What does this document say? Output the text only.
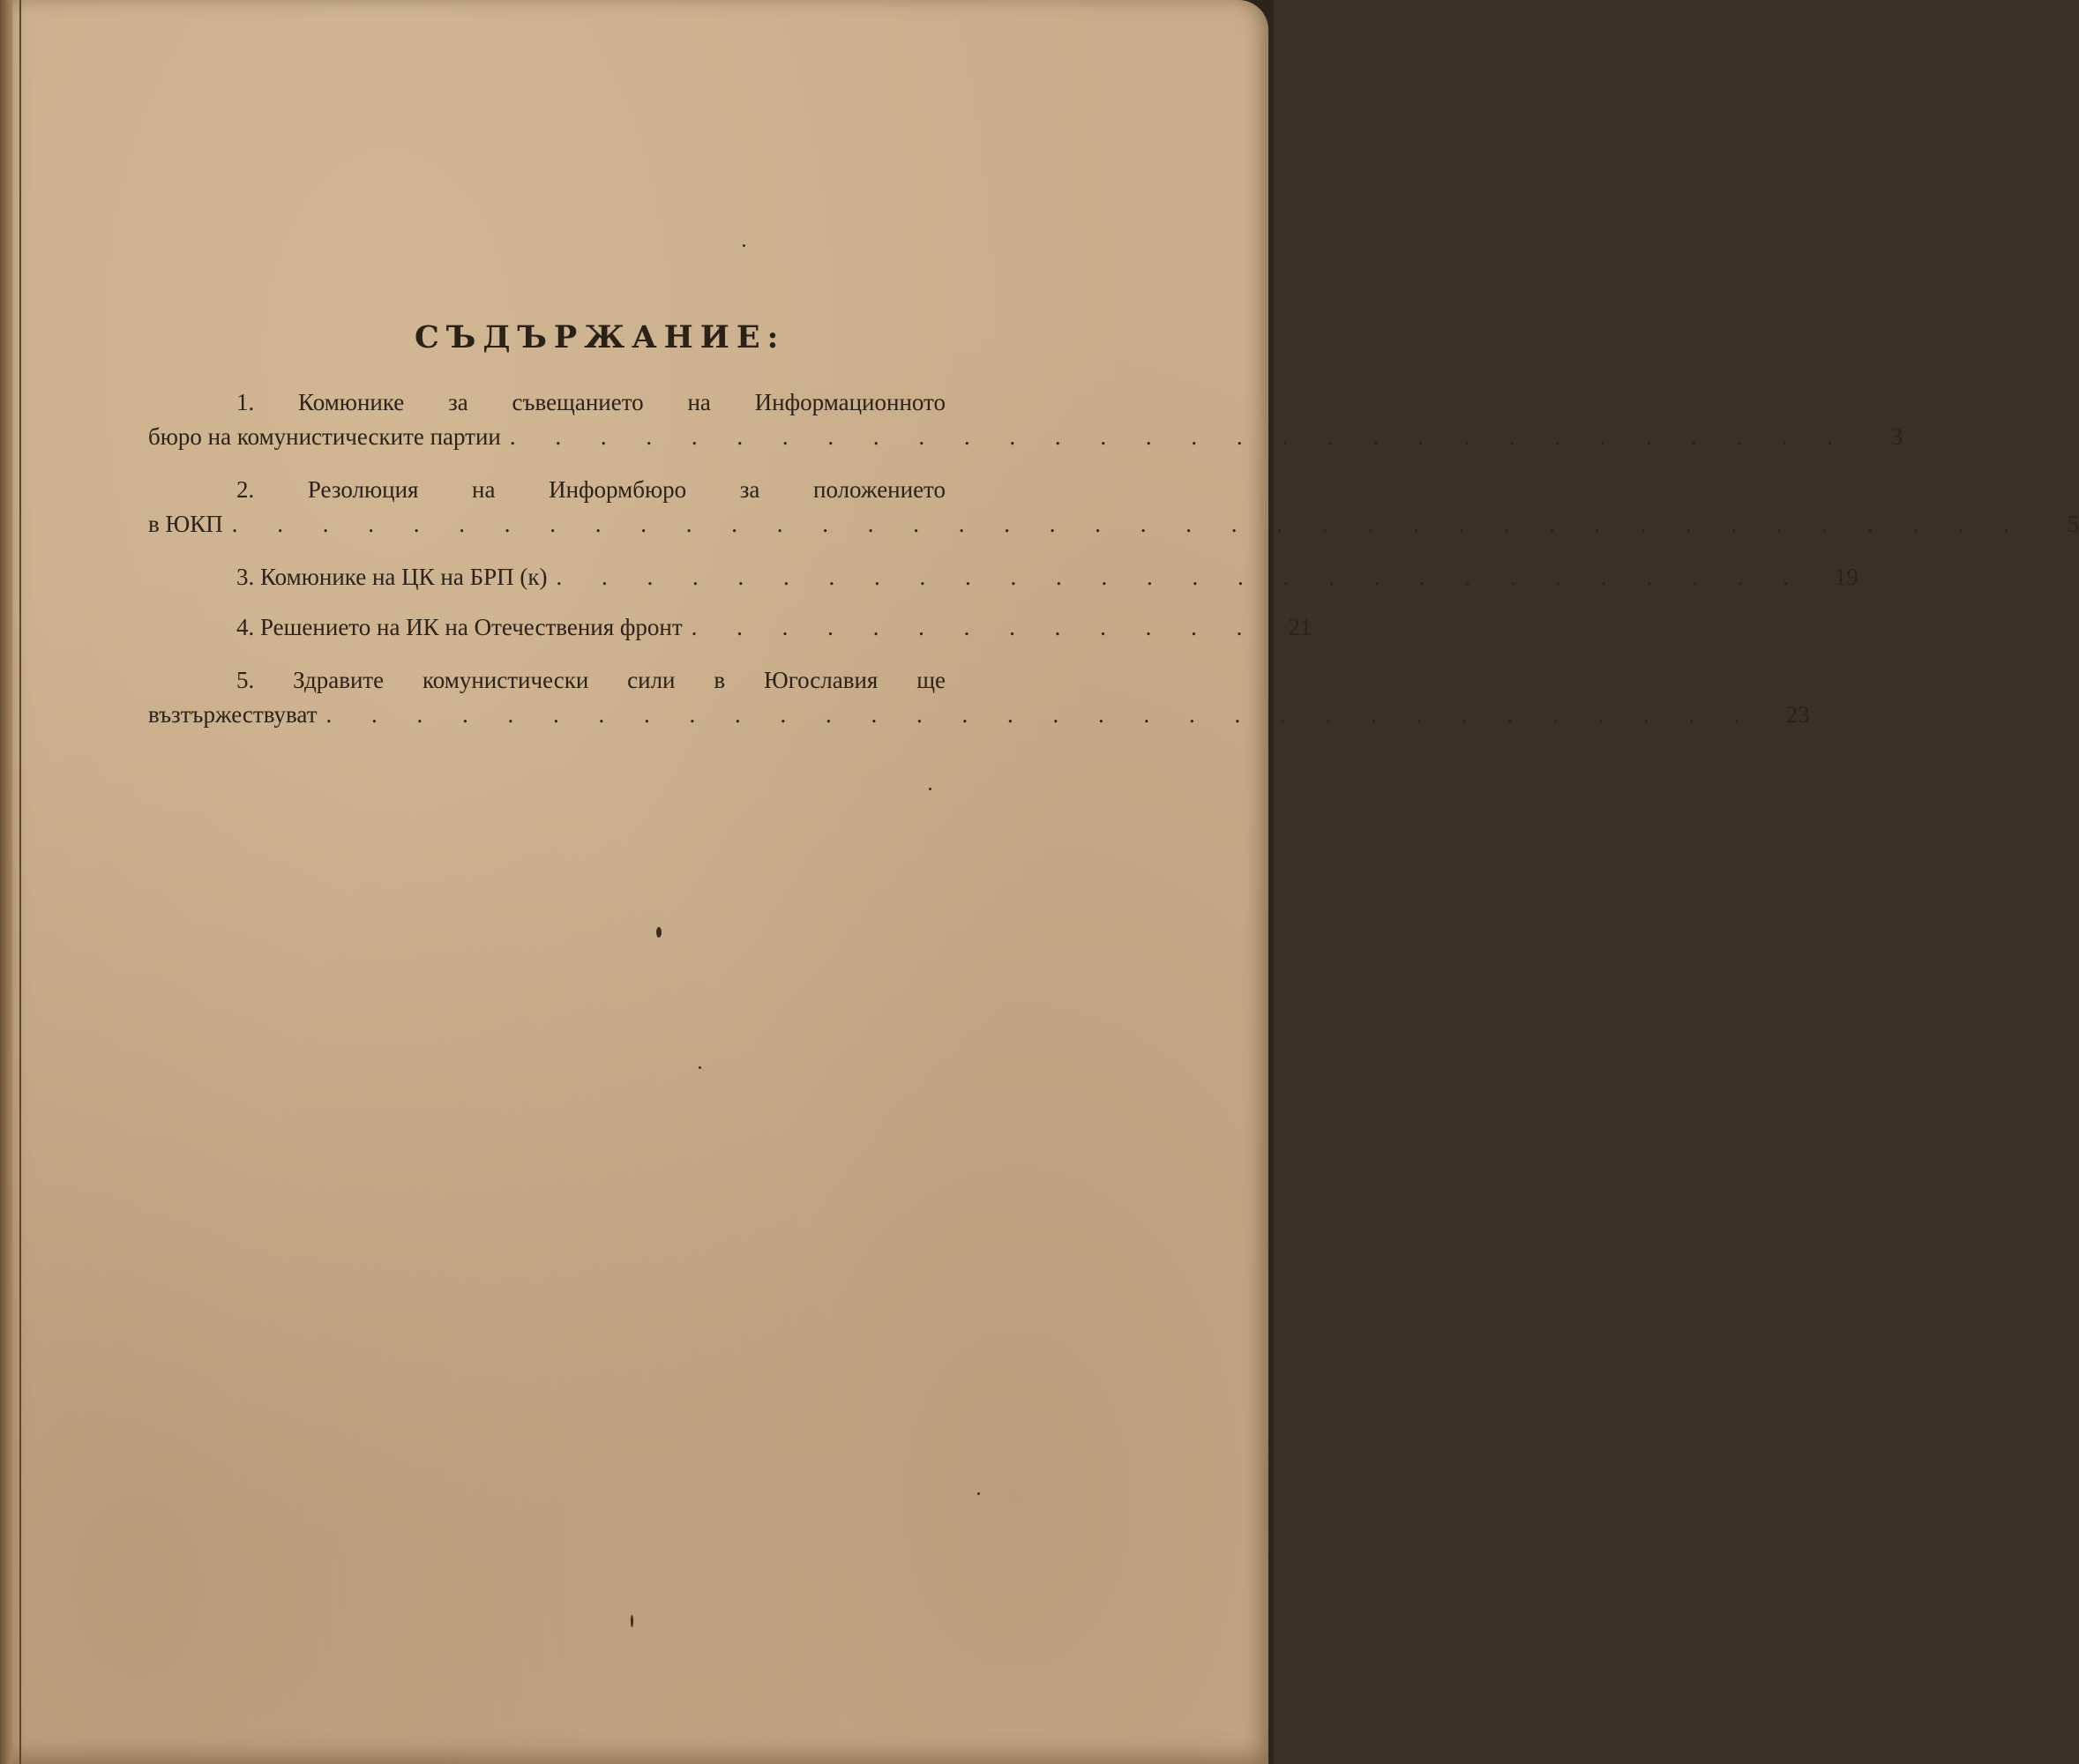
СЪДЪРЖАНИЕ:
1. Комюнике за съвещанието на Информационното
бюро на комунистическите партии . . . . . . . . . . . . . . . . . . . . . . . . . . . . . .	3
2. Резолюция на Информбюро за положението
в ЮКП . . . . . . . . . . . . . . . . . . . . . . . . . . . . . . . . . . . . . . . .	5
3. Комюнике на ЦК на БРП (к) . . . . . . . . . . . . . . . . . . . . . . . . . . . .	19
4. Решението на ИК на Отечествения фронт . . . . . . . . . . . . .	21
5. Здравите комунистически сили в Югославия ще
възтържествуват . . . . . . . . . . . . . . . . . . . . . . . . . . . . . . . .	23
